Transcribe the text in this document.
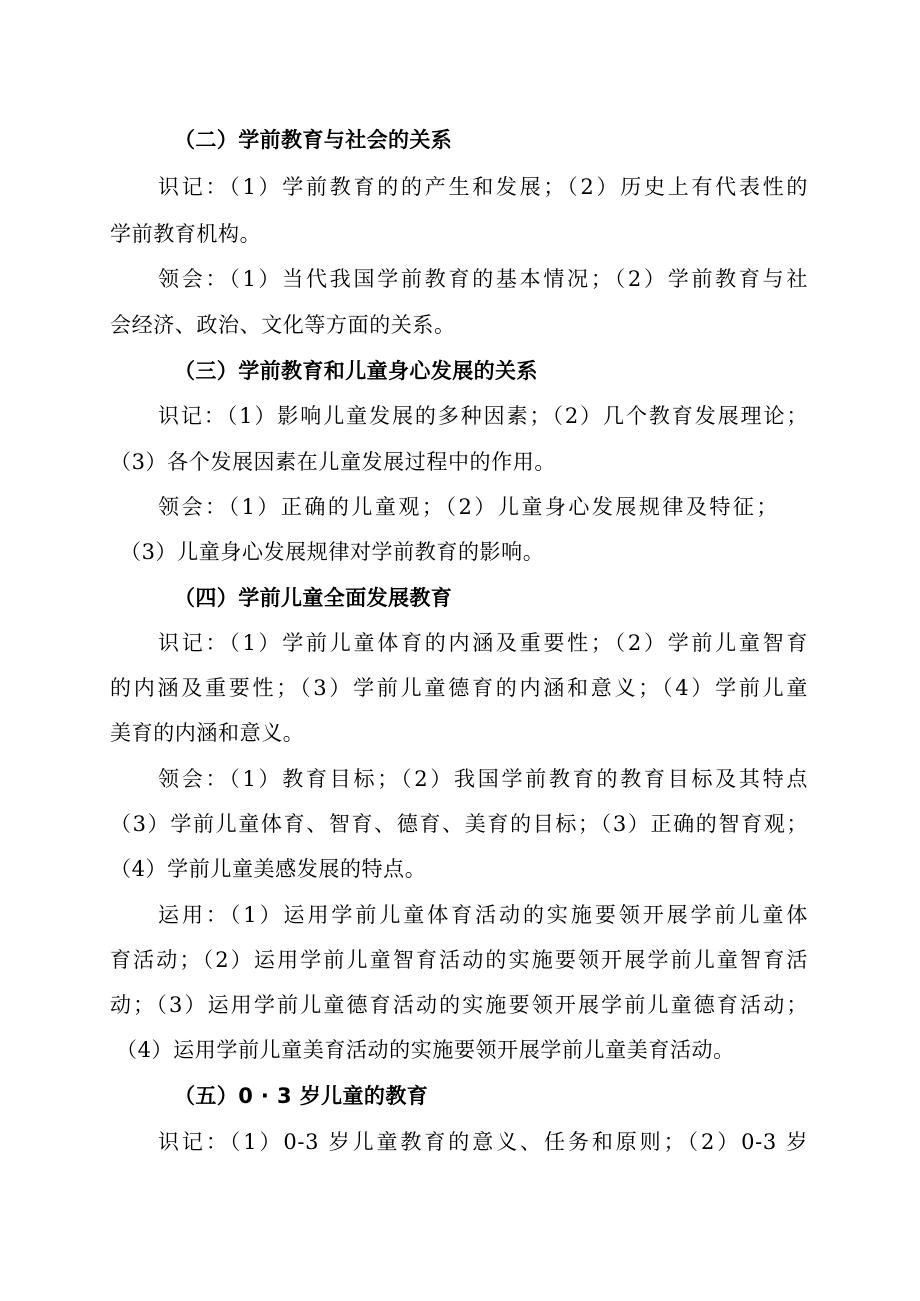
（二）学前教育与社会的关系
识记：（1）学前教育的的产生和发展；（2）历史上有代表性的
学前教育机构。
领会：（1）当代我国学前教育的基本情况；（2）学前教育与社
会经济、政治、文化等方面的关系。
（三）学前教育和儿童身心发展的关系
识记：（1）影响儿童发展的多种因素；（2）几个教育发展理论；
（3）各个发展因素在儿童发展过程中的作用。
领会：（1）正确的儿童观；（2）儿童身心发展规律及特征；
（3）儿童身心发展规律对学前教育的影响。
（四）学前儿童全面发展教育
识记：（1）学前儿童体育的内涵及重要性；（2）学前儿童智育
的内涵及重要性；（3）学前儿童德育的内涵和意义；（4）学前儿童
美育的内涵和意义。
领会：（1）教育目标；（2）我国学前教育的教育目标及其特点
（3）学前儿童体育、智育、德育、美育的目标；（3）正确的智育观；
（4）学前儿童美感发展的特点。
运用：（1）运用学前儿童体育活动的实施要领开展学前儿童体
育活动；（2）运用学前儿童智育活动的实施要领开展学前儿童智育活
动；（3）运用学前儿童德育活动的实施要领开展学前儿童德育活动；
（4）运用学前儿童美育活动的实施要领开展学前儿童美育活动。
（五）0 · 3 岁儿童的教育
识记：（1）0-3 岁儿童教育的意义、任务和原则；（2）0-3 岁
